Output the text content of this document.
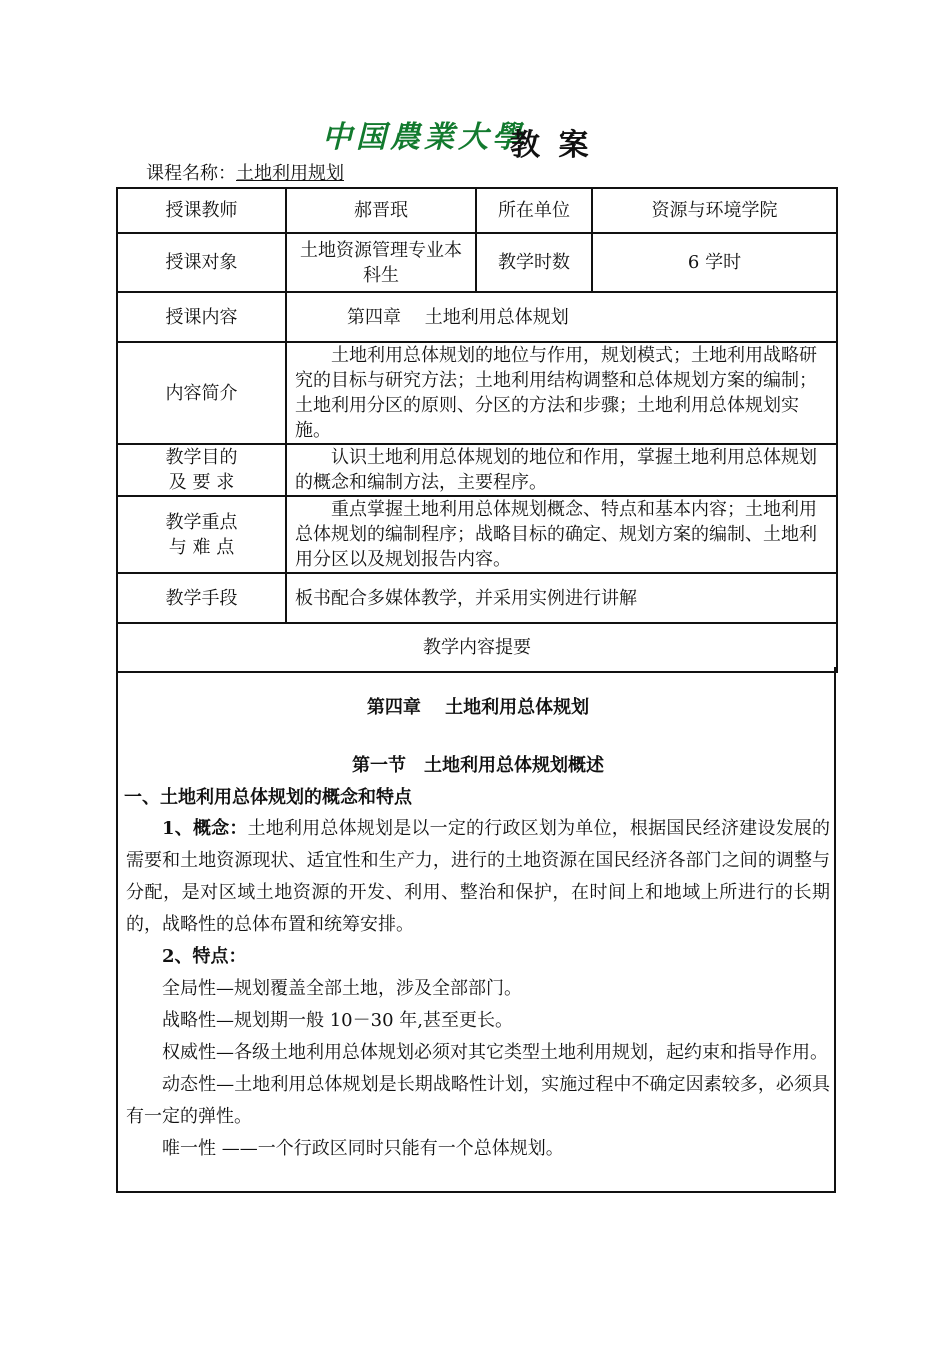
中国農業大學
教 案
课程名称：土地利用规划
授课教师	郝晋珉	所在单位	资源与环境学院
授课对象	土地资源管理专业本科生	教学时数	6 学时
授课内容	第四章　 土地利用总体规划		
内容简介	土地利用总体规划的地位与作用，规划模式；土地利用战略研究的目标与研究方法；土地利用结构调整和总体规划方案的编制；土地利用分区的原则、分区的方法和步骤；土地利用总体规划实施。		

教学目的
及 要 求	认识土地利用总体规划的地位和作用，掌握土地利用总体规划的概念和编制方法，主要程序。		

教学重点
与 难 点	重点掌握土地利用总体规划概念、特点和基本内容；土地利用总体规划的编制程序；战略目标的确定、规划方案的编制、土地利用分区以及规划报告内容。		
教学手段	板书配合多媒体教学，并采用实例进行讲解		
教学内容提要			
第四章　 土地利用总体规划
第一节　土地利用总体规划概述
一、土地利用总体规划的概念和特点

1、概念：土地利用总体规划是以一定的行政区划为单位，根据国民经济建设发展的需要和土地资源现状、适宜性和生产力，进行的土地资源在国民经济各部门之间的调整与分配，是对区域土地资源的开发、利用、整治和保护，在时间上和地域上所进行的长期的，战略性的总体布置和统筹安排。

2、特点：

全局性—规划覆盖全部土地，涉及全部部门。

战略性—规划期一般 10－30 年,甚至更长。

权威性—各级土地利用总体规划必须对其它类型土地利用规划，起约束和指导作用。

动态性—土地利用总体规划是长期战略性计划，实施过程中不确定因素较多，必须具有一定的弹性。

唯一性 ——一个行政区同时只能有一个总体规划。
